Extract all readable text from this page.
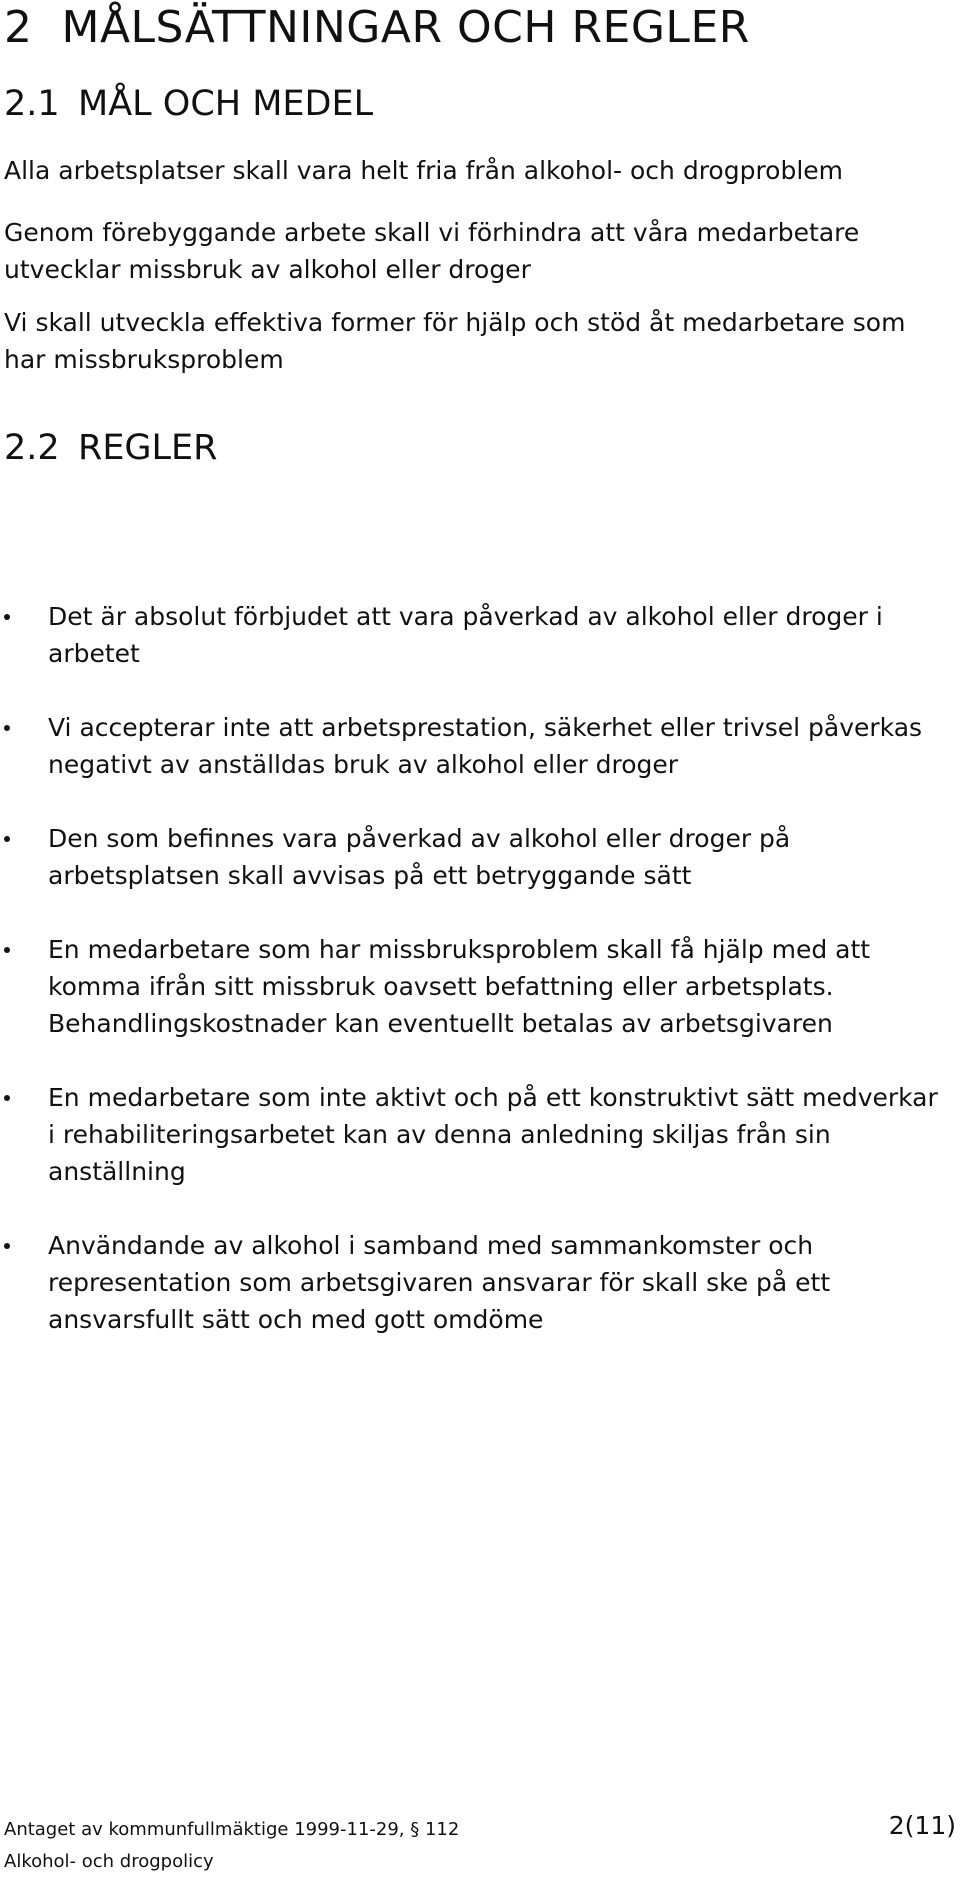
2 MÅLSÄTTNINGAR OCH REGLER
2.1 MÅL OCH MEDEL

Alla arbetsplatser skall vara helt fria från alkohol- och drogproblem

Genom förebyggande arbete skall vi förhindra att våra medarbetare utvecklar missbruk av alkohol eller droger

Vi skall utveckla effektiva former för hjälp och stöd åt medarbetare som har missbruksproblem

2.2 REGLER
Det är absolut förbjudet att vara påverkad av alkohol eller droger i arbetet
Vi accepterar inte att arbetsprestation, säkerhet eller trivsel påverkas negativt av anställdas bruk av alkohol eller droger
Den som befinnes vara påverkad av alkohol eller droger på arbetsplatsen skall avvisas på ett betryggande sätt
En medarbetare som har missbruksproblem skall få hjälp med att komma ifrån sitt missbruk oavsett befattning eller arbetsplats. Behandlingskostnader kan eventuellt betalas av arbetsgivaren
En medarbetare som inte aktivt och på ett konstruktivt sätt medverkar i rehabiliteringsarbetet kan av denna anledning skiljas från sin anställning
Användande av alkohol i samband med sammankomster och representation som arbetsgivaren ansvarar för skall ske på ett ansvarsfullt sätt och med gott omdöme

Antaget av kommunfullmäktige 1999-11-29, § 112

Alkohol- och drogpolicy

2(11)
